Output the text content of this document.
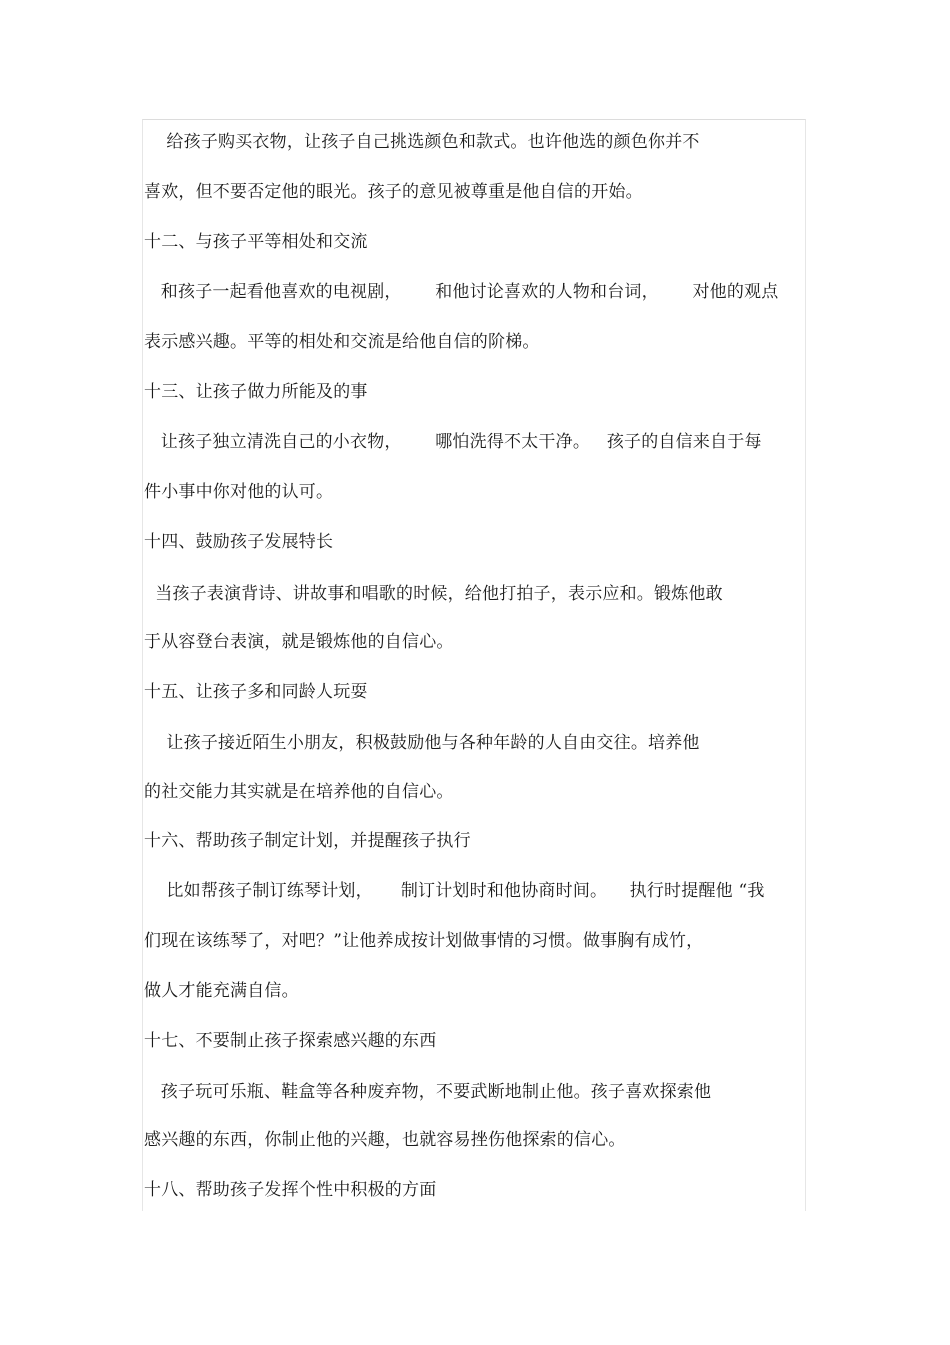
给孩子购买衣物，让孩子自己挑选颜色和款式。也许他选的颜色你并不
喜欢，但不要否定他的眼光。孩子的意见被尊重是他自信的开始。
十二、与孩子平等相处和交流
和孩子一起看他喜欢的电视剧，      和他讨论喜欢的人物和台词，      对他的观点
表示感兴趣。平等的相处和交流是给他自信的阶梯。
十三、让孩子做力所能及的事
让孩子独立清洗自己的小衣物，      哪怕洗得不太干净。   孩子的自信来自于每
件小事中你对他的认可。
十四、鼓励孩子发展特长
当孩子表演背诗、讲故事和唱歌的时候，给他打拍子，表示应和。锻炼他敢
于从容登台表演，就是锻炼他的自信心。
十五、让孩子多和同龄人玩耍
让孩子接近陌生小朋友，积极鼓励他与各种年龄的人自由交往。培养他
的社交能力其实就是在培养他的自信心。
十六、帮助孩子制定计划，并提醒孩子执行
比如帮孩子制订练琴计划，     制订计划时和他协商时间。    执行时提醒他 “我
们现在该练琴了，对吧？”让他养成按计划做事情的习惯。做事胸有成竹，
做人才能充满自信。
十七、不要制止孩子探索感兴趣的东西
孩子玩可乐瓶、鞋盒等各种废弃物，不要武断地制止他。孩子喜欢探索他
感兴趣的东西，你制止他的兴趣，也就容易挫伤他探索的信心。
十八、帮助孩子发挥个性中积极的方面
